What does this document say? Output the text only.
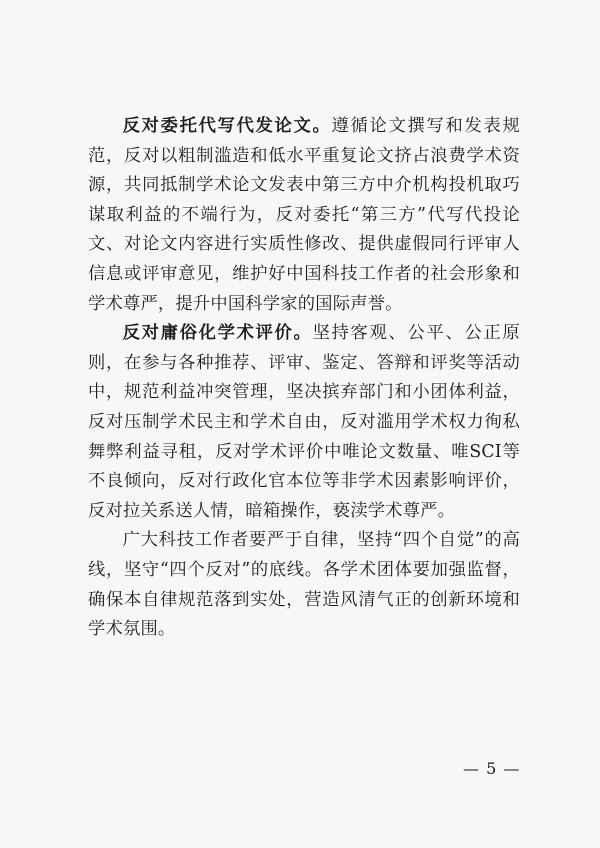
反对委托代写代发论文。遵循论文撰写和发表规范，反对以粗制滥造和低水平重复论文挤占浪费学术资源，共同抵制学术论文发表中第三方中介机构投机取巧谋取利益的不端行为，反对委托“第三方”代写代投论文、对论文内容进行实质性修改、提供虚假同行评审人信息或评审意见，维护好中国科技工作者的社会形象和学术尊严，提升中国科学家的国际声誉。

反对庸俗化学术评价。坚持客观、公平、公正原则，在参与各种推荐、评审、鉴定、答辩和评奖等活动中，规范利益冲突管理，坚决摈弃部门和小团体利益，反对压制学术民主和学术自由，反对滥用学术权力徇私舞弊利益寻租，反对学术评价中唯论文数量、唯SCI等不良倾向，反对行政化官本位等非学术因素影响评价，反对拉关系送人情，暗箱操作，亵渎学术尊严。

广大科技工作者要严于自律，坚持“四个自觉”的高线，坚守“四个反对”的底线。各学术团体要加强监督，确保本自律规范落到实处，营造风清气正的创新环境和学术氛围。

— 5 —
